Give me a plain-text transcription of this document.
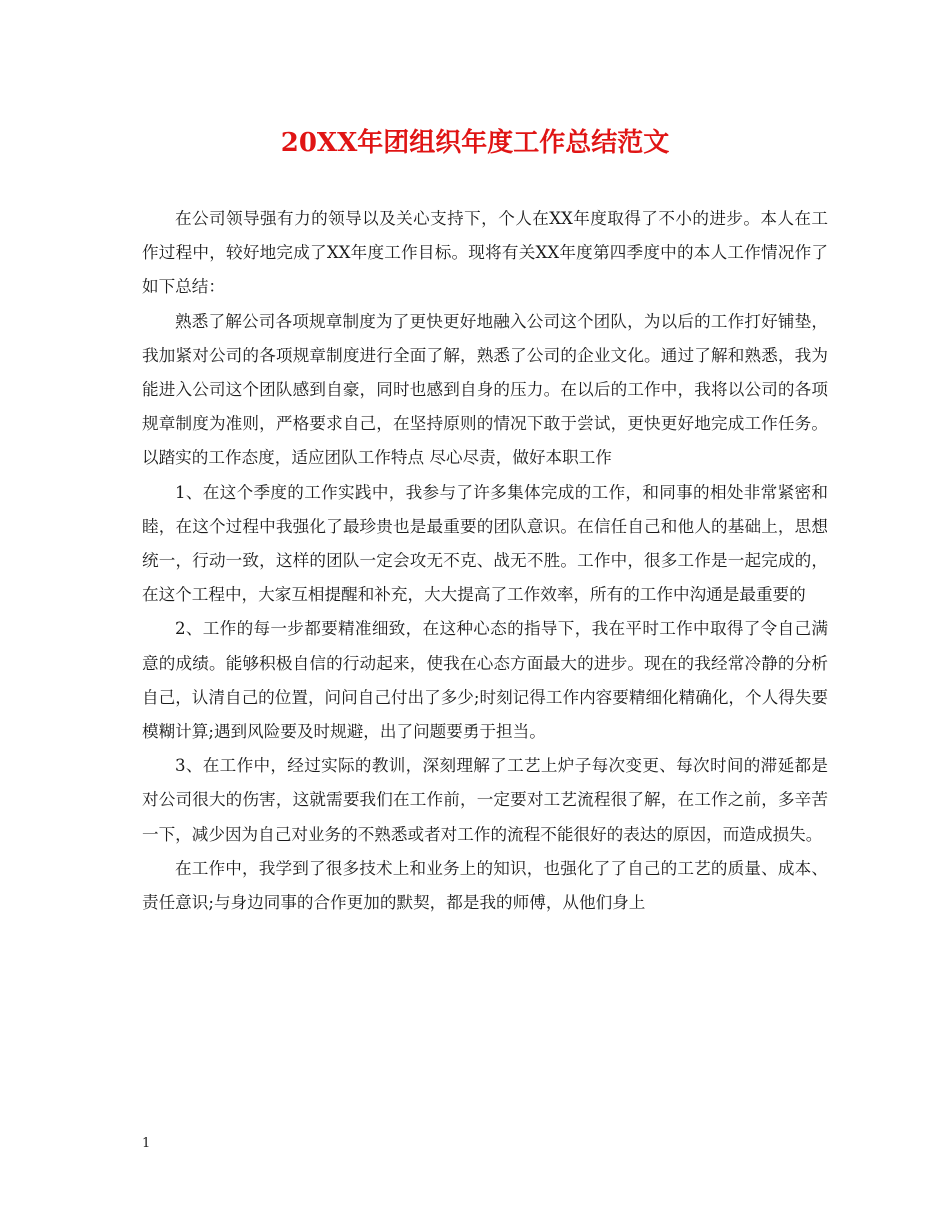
20XX年团组织年度工作总结范文

在公司领导强有力的领导以及关心支持下，个人在XX年度取得了不小的进步。本人在工作过程中，较好地完成了XX年度工作目标。现将有关XX年度第四季度中的本人工作情况作了如下总结：

熟悉了解公司各项规章制度为了更快更好地融入公司这个团队，为以后的工作打好铺垫，我加紧对公司的各项规章制度进行全面了解，熟悉了公司的企业文化。通过了解和熟悉，我为能进入公司这个团队感到自豪，同时也感到自身的压力。在以后的工作中，我将以公司的各项规章制度为准则，严格要求自己，在坚持原则的情况下敢于尝试，更快更好地完成工作任务。以踏实的工作态度，适应团队工作特点 尽心尽责，做好本职工作

1、在这个季度的工作实践中，我参与了许多集体完成的工作，和同事的相处非常紧密和睦，在这个过程中我强化了最珍贵也是最重要的团队意识。在信任自己和他人的基础上，思想统一，行动一致，这样的团队一定会攻无不克、战无不胜。工作中，很多工作是一起完成的，在这个工程中，大家互相提醒和补充，大大提高了工作效率，所有的工作中沟通是最重要的

2、工作的每一步都要精准细致，在这种心态的指导下，我在平时工作中取得了令自己满意的成绩。能够积极自信的行动起来，使我在心态方面最大的进步。现在的我经常冷静的分析自己，认清自己的位置，问问自己付出了多少;时刻记得工作内容要精细化精确化，个人得失要模糊计算;遇到风险要及时规避，出了问题要勇于担当。

3、在工作中，经过实际的教训，深刻理解了工艺上炉子每次变更、每次时间的滞延都是对公司很大的伤害，这就需要我们在工作前，一定要对工艺流程很了解，在工作之前，多辛苦一下，减少因为自己对业务的不熟悉或者对工作的流程不能很好的表达的原因，而造成损失。

在工作中，我学到了很多技术上和业务上的知识，也强化了了自己的工艺的质量、成本、责任意识;与身边同事的合作更加的默契，都是我的师傅，从他们身上

1
